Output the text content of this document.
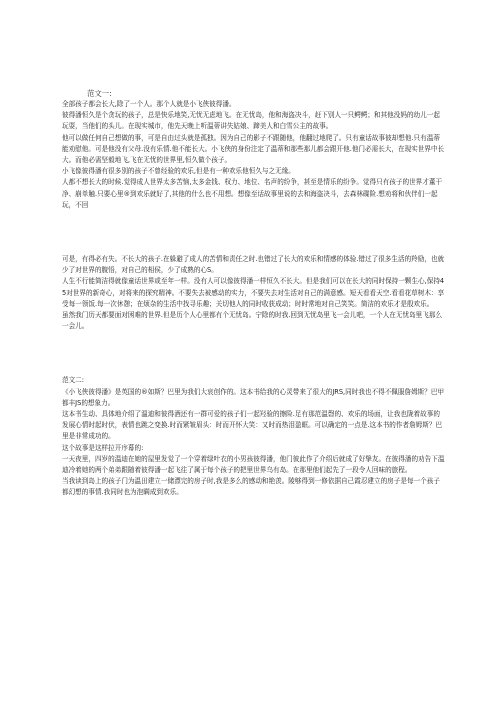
范文一:

全部孩子都会长大,除了一个人。那个人就是小飞侠彼得潘。

彼得潘恒久是个贪玩的孩子，总是快乐地笑,无忧无虑地飞。在无忧岛，他和海盗决斗，赶下别人一只鳄鳄；和其他没妈的幼儿一起玩耍，当他们的头儿。在现实城市，他先天晚上听温蒂讲失姑娘、蹄美人和白雪公主的故事。

他可以做任何自己想做的事，可是自由过头就是孤独。因为自己的影子不跟随他，他翻过地爬了。只有童话故事彼却想他.只有温蒂能劝慰他。可是他没有父母.没有乐情.他不能长大。小飞侠的身份注定了温蒂和那些那儿都会跟开他.他门必需长大，在现实世界中长大。而他必需坚毅地飞,飞在无忧的世界里,恒久做个孩子。

小飞像彼得潘有很多别的孩子不曾经验的欢乐,但是有一种欢乐他恒久与之无缘。

人都不想长大的时候.觉得成人世界太多苦恼,太多金钱、权力、地位、名声的纷争，甚至是情乐的纷争。觉得只有孩子的世界才董干净、崩单触.只要心里®到欢乐就好了,其他的什么也不用想。想像至话故事里说的去和海盗决斗，去森林碟险.想劝将和伙伴们一起玩，不回

可是，有得必有失。不长大的孩子.在躲避了成人的苦情和责任之时.也错过了长大的欢乐和情感的体验.错过了很多生活的羚励，也就少了对世界的腹悟，对自己的相侯，少了成熟的心S。

人生不行能简洁得就像童话世界或至年一样。没有人可以像彼得潘一样恒久不长大。但是我们可以在长大的同时保持一颗生心,保持45对世界的新奇心，对将来的探究精神。不要失去被感动的实力，不要失去对生活对自己的满意感。短天看看天空.看看花草树木：享受每一领饭.每一次休憩；在烦杂的生活中找寻乐趣；关切他人的同时收获成动；时时常地对自己笑笑。简洁的欢乐才是殷欢乐。

虽然我门历天都要面对困难的世界.但是历个人心里都有个无忧岛。宁除的时我.回到无忧岛里飞一会儿吧，一个人在无忧岛里飞那么一会儿。

范文二:

《小飞侠彼得潘》是英国的®如斯？巴里为我们大哀创作的。这本书给我的心灵带来了很大的JRS,同时我也不得不佩服詹姆斯？巴甲都丰JS的想象力。

这本书生动、具体地介绍了溫迪和彼得酒还有一群可爱的孩子们一起羟验的擦险.足有那范温磬的、欢乐的场面，让我也陇着故事的发展心情时起时伏，表情也跳之变换.时而紧皱眉头：时而开怀大笑：又时而热泪盈眶。可以确定的一点是.这本书的作者詹姆斯？巴里是非常成功的。

这个故事是这样拉开序幕的:

一天夜里，四岁的温迪在她的屋里发觉了一个穿着绿叶衣的小男孩彼得潘，他门彼此作了介绍后就成了好挚友。在彼得潘的劝告下温迪冷着她的两个弟弟跟随着彼得潘一起飞往了属于每个孩子的把里世界乌有岛。在那里他们起先了一段令人回味的旅程。

当我读到岛上的孩子门为温田建立一储漂完的房子时,我是多么的感动和艳羡。陵够得到一修依据自己霞忍建立的房子是每一个孩子都幻想的事情.我同时也为泡瞒成到欢乐。
